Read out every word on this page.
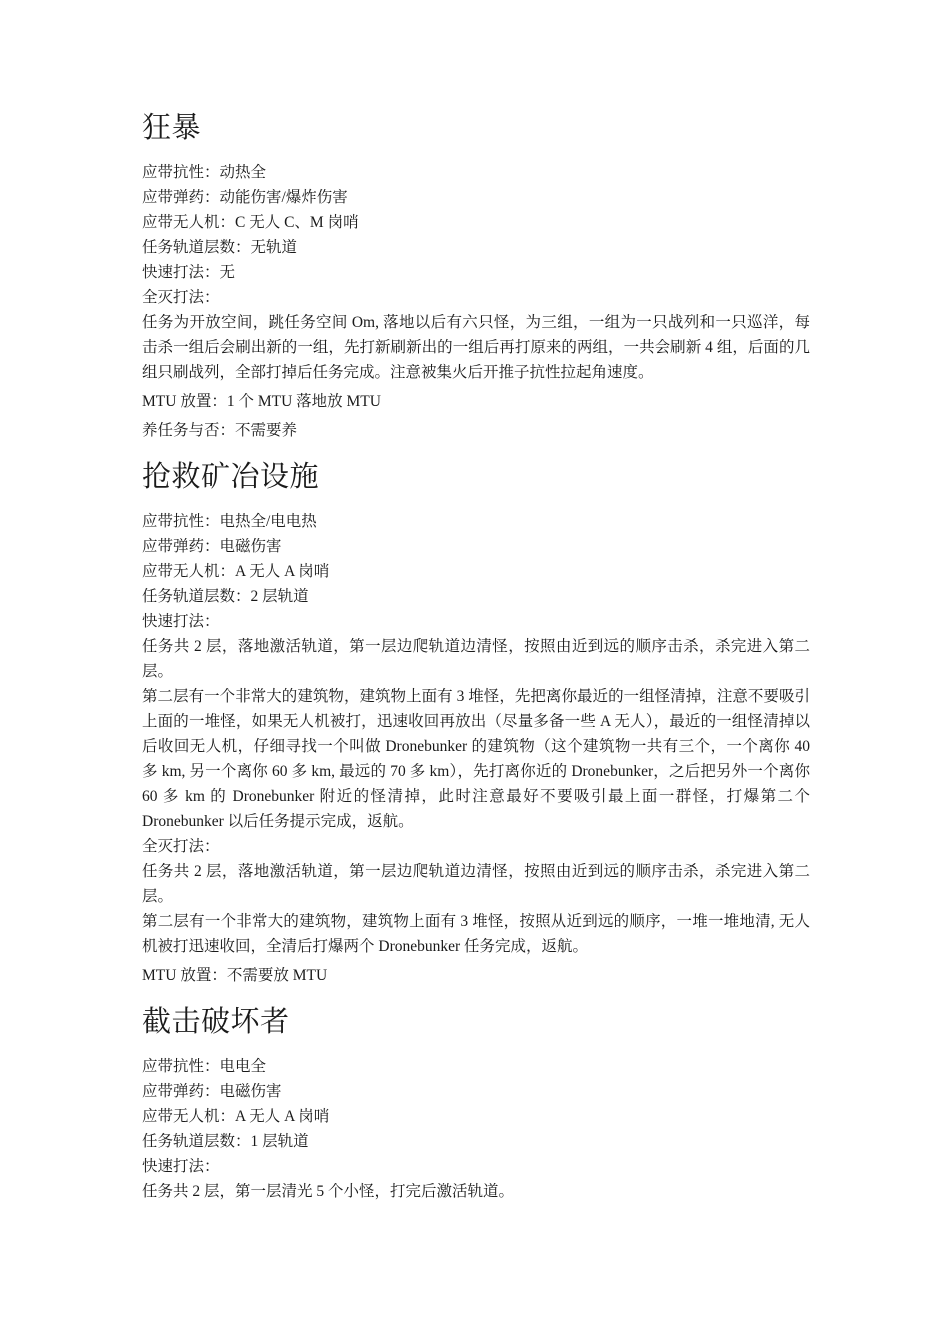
狂暴

应带抗性：动热全

应带弹药：动能伤害/爆炸伤害

应带无人机：C 无人 C、M 岗哨

任务轨道层数：无轨道

快速打法：无

全灭打法：

任务为开放空间，跳任务空间 Om, 落地以后有六只怪，为三组，一组为一只战列和一只巡洋，每击杀一组后会刷出新的一组，先打新刷新出的一组后再打原来的两组，一共会刷新 4 组，后面的几组只刷战列，全部打掉后任务完成。注意被集火后开推子抗性拉起角速度。

MTU 放置：1 个 MTU 落地放 MTU

养任务与否：不需要养

抢救矿冶设施

应带抗性：电热全/电电热

应带弹药：电磁伤害

应带无人机：A 无人 A 岗哨

任务轨道层数：2 层轨道

快速打法：

任务共 2 层，落地激活轨道，第一层边爬轨道边清怪，按照由近到远的顺序击杀，杀完进入第二层。

第二层有一个非常大的建筑物，建筑物上面有 3 堆怪，先把离你最近的一组怪清掉，注意不要吸引上面的一堆怪，如果无人机被打，迅速收回再放出（尽量多备一些 A 无人），最近的一组怪清掉以后收回无人机，仔细寻找一个叫做 Dronebunker 的建筑物（这个建筑物一共有三个，一个离你 40 多 km, 另一个离你 60 多 km, 最远的 70 多 km），先打离你近的 Dronebunker，之后把另外一个离你 60 多 km 的 Dronebunker 附近的怪清掉，此时注意最好不要吸引最上面一群怪，打爆第二个 Dronebunker 以后任务提示完成，返航。

全灭打法：

任务共 2 层，落地激活轨道，第一层边爬轨道边清怪，按照由近到远的顺序击杀，杀完进入第二层。

第二层有一个非常大的建筑物，建筑物上面有 3 堆怪，按照从近到远的顺序，一堆一堆地清, 无人机被打迅速收回，全清后打爆两个 Dronebunker 任务完成，返航。

MTU 放置：不需要放 MTU

截击破坏者

应带抗性：电电全

应带弹药：电磁伤害

应带无人机：A 无人 A 岗哨

任务轨道层数：1 层轨道

快速打法：

任务共 2 层，第一层清光 5 个小怪，打完后激活轨道。
